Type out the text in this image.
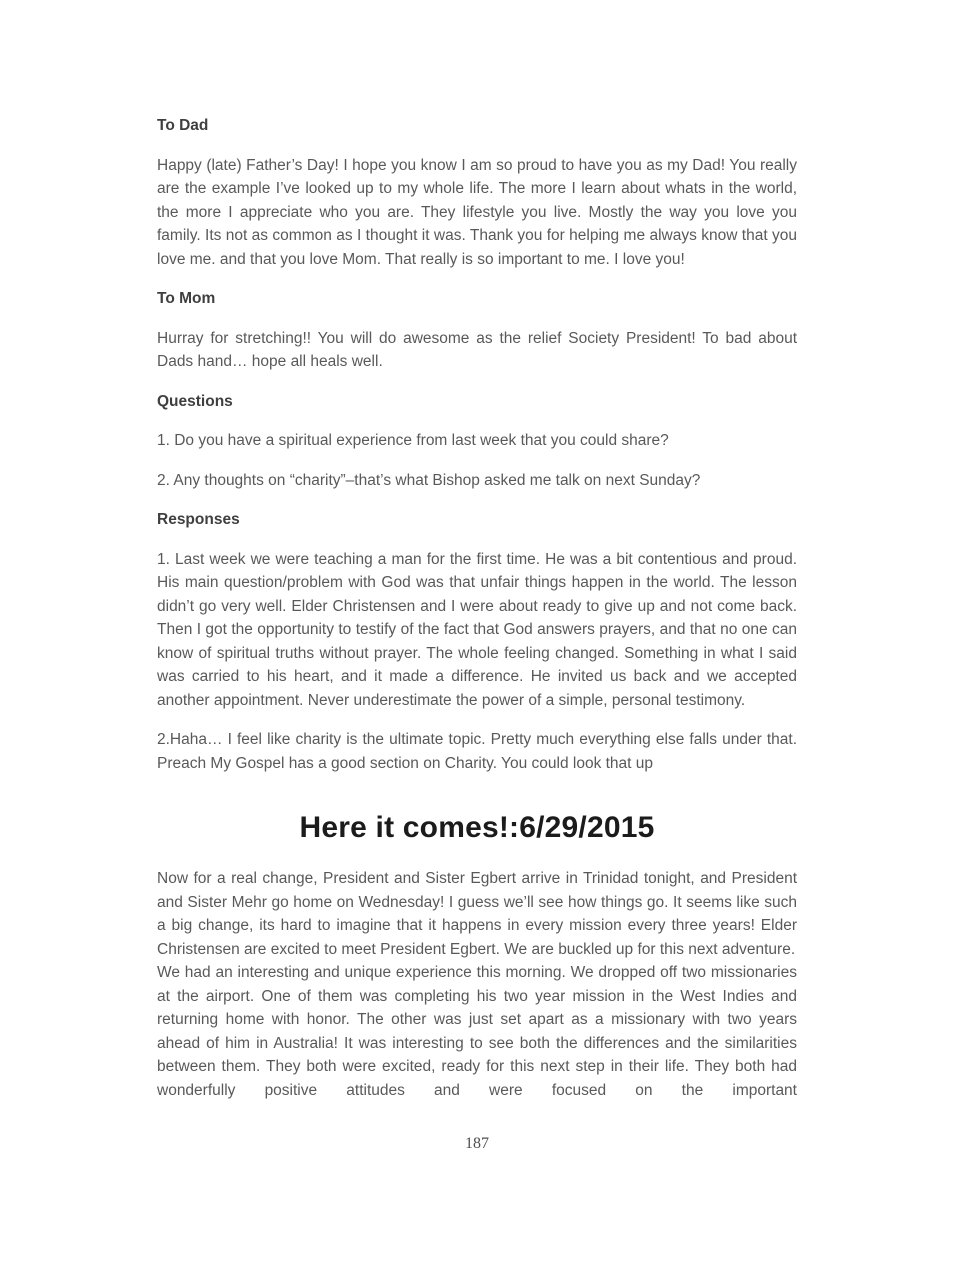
To Dad

Happy (late) Father’s Day! I hope you know I am so proud to have you as my Dad! You really are the example I’ve looked up to my whole life. The more I learn about whats in the world, the more I appreciate who you are. They lifestyle you live. Mostly the way you love you family. Its not as common as I thought it was. Thank you for helping me always know that you love me. and that you love Mom. That really is so important to me. I love you!

To Mom

Hurray for stretching!! You will do awesome as the relief Society President! To bad about Dads hand… hope all heals well.

Questions

1. Do you have a spiritual experience from last week that you could share?

2. Any thoughts on “charity”–that’s what Bishop asked me talk on next Sunday?

Responses

1. Last week we were teaching a man for the first time. He was a bit contentious and proud. His main question/problem with God was that unfair things happen in the world. The lesson didn’t go very well. Elder Christensen and I were about ready to give up and not come back. Then I got the opportunity to testify of the fact that God answers prayers, and that no one can know of spiritual truths without prayer. The whole feeling changed. Something in what I said was carried to his heart, and it made a difference. He invited us back and we accepted another appointment. Never underestimate the power of a simple, personal testimony.

2.Haha… I feel like charity is the ultimate topic. Pretty much everything else falls under that. Preach My Gospel has a good section on Charity. You could look that up

Here it comes!:6/29/2015

Now for a real change, President and Sister Egbert arrive in Trinidad tonight, and President and Sister Mehr go home on Wednesday! I guess we’ll see how things go. It seems like such a big change, its hard to imagine that it happens in every mission every three years! Elder Christensen are excited to meet President Egbert. We are buckled up for this next adventure.

We had an interesting and unique experience this morning. We dropped off two missionaries at the airport. One of them was completing his two year mission in the West Indies and returning home with honor. The other was just set apart as a missionary with two years ahead of him in Australia! It was interesting to see both the differences and the similarities between them. They both were excited, ready for this next step in their life. They both had wonderfully positive attitudes and were focused on the important

187
